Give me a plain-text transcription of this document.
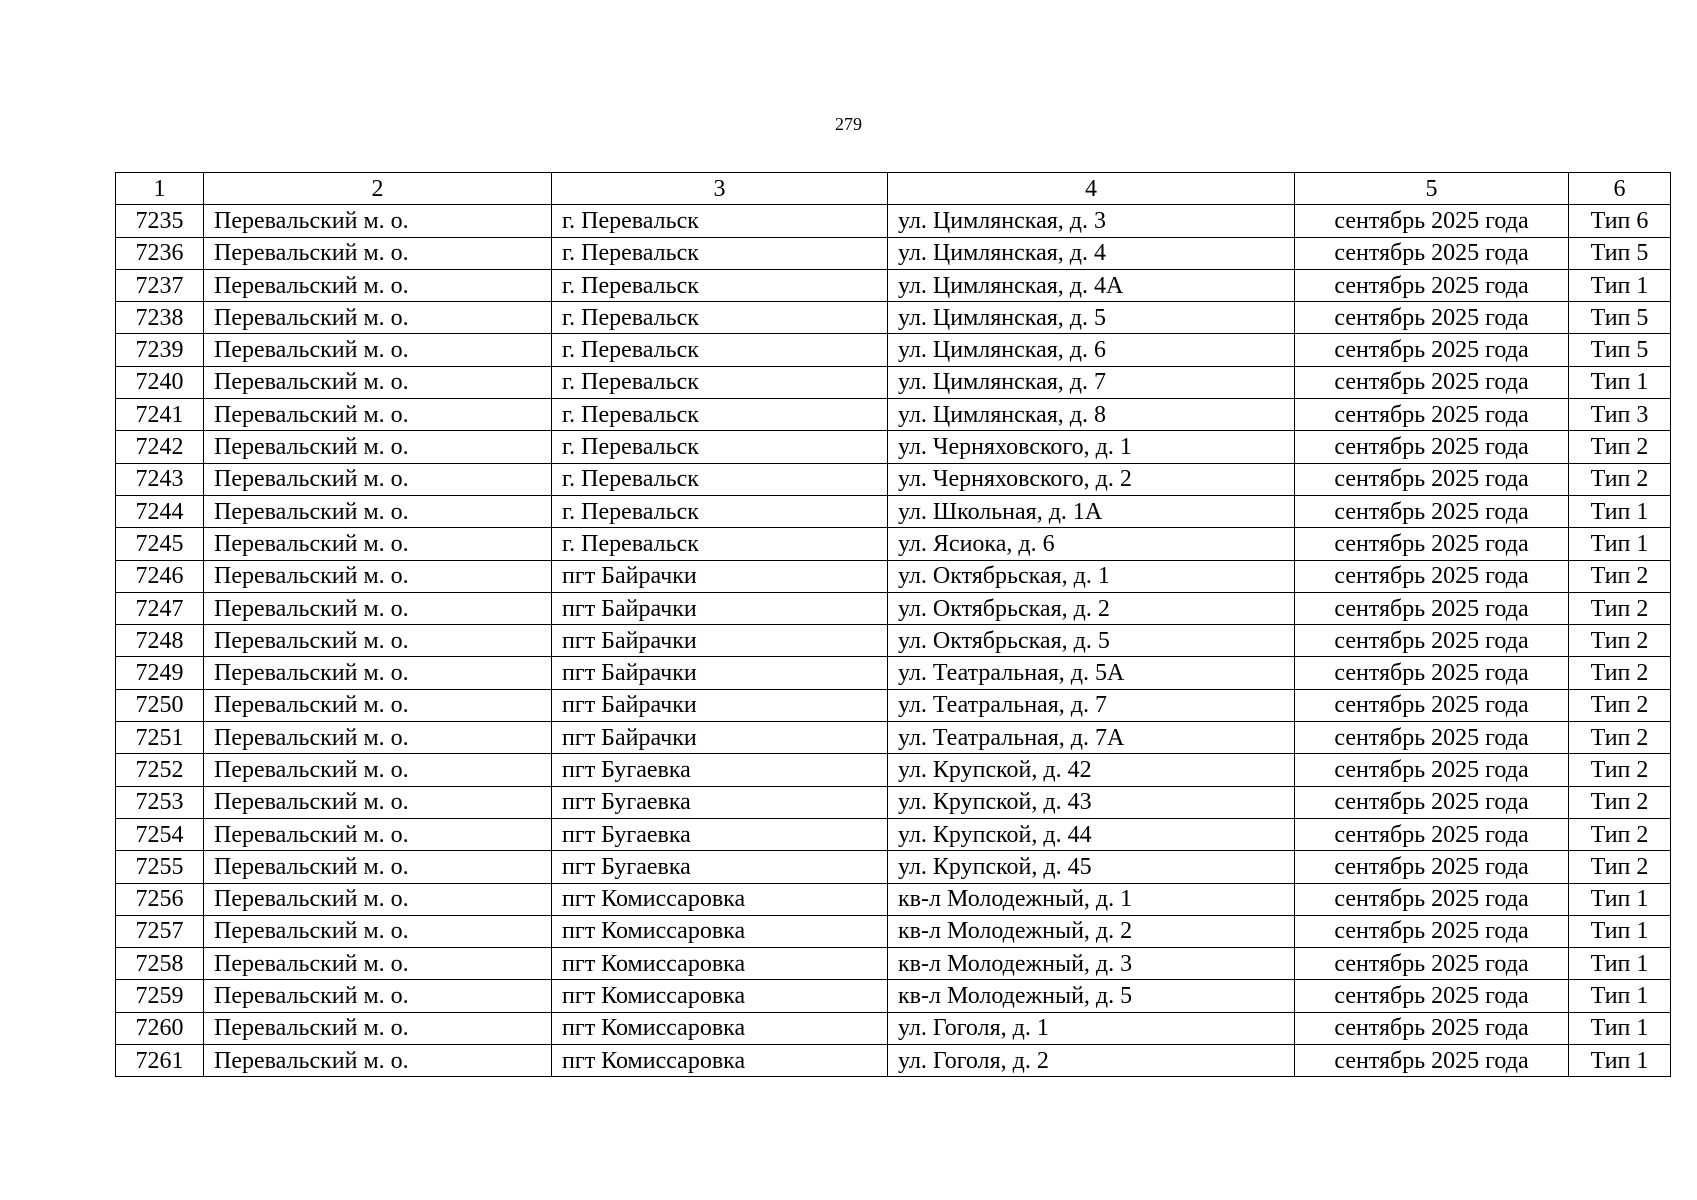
279
1	2	3	4	5	6
7235	Перевальский м. о.	г. Перевальск	ул. Цимлянская, д. 3	сентябрь 2025 года	Тип 6
7236	Перевальский м. о.	г. Перевальск	ул. Цимлянская, д. 4	сентябрь 2025 года	Тип 5
7237	Перевальский м. о.	г. Перевальск	ул. Цимлянская, д. 4А	сентябрь 2025 года	Тип 1
7238	Перевальский м. о.	г. Перевальск	ул. Цимлянская, д. 5	сентябрь 2025 года	Тип 5
7239	Перевальский м. о.	г. Перевальск	ул. Цимлянская, д. 6	сентябрь 2025 года	Тип 5
7240	Перевальский м. о.	г. Перевальск	ул. Цимлянская, д. 7	сентябрь 2025 года	Тип 1
7241	Перевальский м. о.	г. Перевальск	ул. Цимлянская, д. 8	сентябрь 2025 года	Тип 3
7242	Перевальский м. о.	г. Перевальск	ул. Черняховского, д. 1	сентябрь 2025 года	Тип 2
7243	Перевальский м. о.	г. Перевальск	ул. Черняховского, д. 2	сентябрь 2025 года	Тип 2
7244	Перевальский м. о.	г. Перевальск	ул. Школьная, д. 1А	сентябрь 2025 года	Тип 1
7245	Перевальский м. о.	г. Перевальск	ул. Ясиока, д. 6	сентябрь 2025 года	Тип 1
7246	Перевальский м. о.	пгт Байрачки	ул. Октябрьская, д. 1	сентябрь 2025 года	Тип 2
7247	Перевальский м. о.	пгт Байрачки	ул. Октябрьская, д. 2	сентябрь 2025 года	Тип 2
7248	Перевальский м. о.	пгт Байрачки	ул. Октябрьская, д. 5	сентябрь 2025 года	Тип 2
7249	Перевальский м. о.	пгт Байрачки	ул. Театральная, д. 5А	сентябрь 2025 года	Тип 2
7250	Перевальский м. о.	пгт Байрачки	ул. Театральная, д. 7	сентябрь 2025 года	Тип 2
7251	Перевальский м. о.	пгт Байрачки	ул. Театральная, д. 7А	сентябрь 2025 года	Тип 2
7252	Перевальский м. о.	пгт Бугаевка	ул. Крупской, д. 42	сентябрь 2025 года	Тип 2
7253	Перевальский м. о.	пгт Бугаевка	ул. Крупской, д. 43	сентябрь 2025 года	Тип 2
7254	Перевальский м. о.	пгт Бугаевка	ул. Крупской, д. 44	сентябрь 2025 года	Тип 2
7255	Перевальский м. о.	пгт Бугаевка	ул. Крупской, д. 45	сентябрь 2025 года	Тип 2
7256	Перевальский м. о.	пгт Комиссаровка	кв-л Молодежный, д. 1	сентябрь 2025 года	Тип 1
7257	Перевальский м. о.	пгт Комиссаровка	кв-л Молодежный, д. 2	сентябрь 2025 года	Тип 1
7258	Перевальский м. о.	пгт Комиссаровка	кв-л Молодежный, д. 3	сентябрь 2025 года	Тип 1
7259	Перевальский м. о.	пгт Комиссаровка	кв-л Молодежный, д. 5	сентябрь 2025 года	Тип 1
7260	Перевальский м. о.	пгт Комиссаровка	ул. Гоголя, д. 1	сентябрь 2025 года	Тип 1
7261	Перевальский м. о.	пгт Комиссаровка	ул. Гоголя, д. 2	сентябрь 2025 года	Тип 1
